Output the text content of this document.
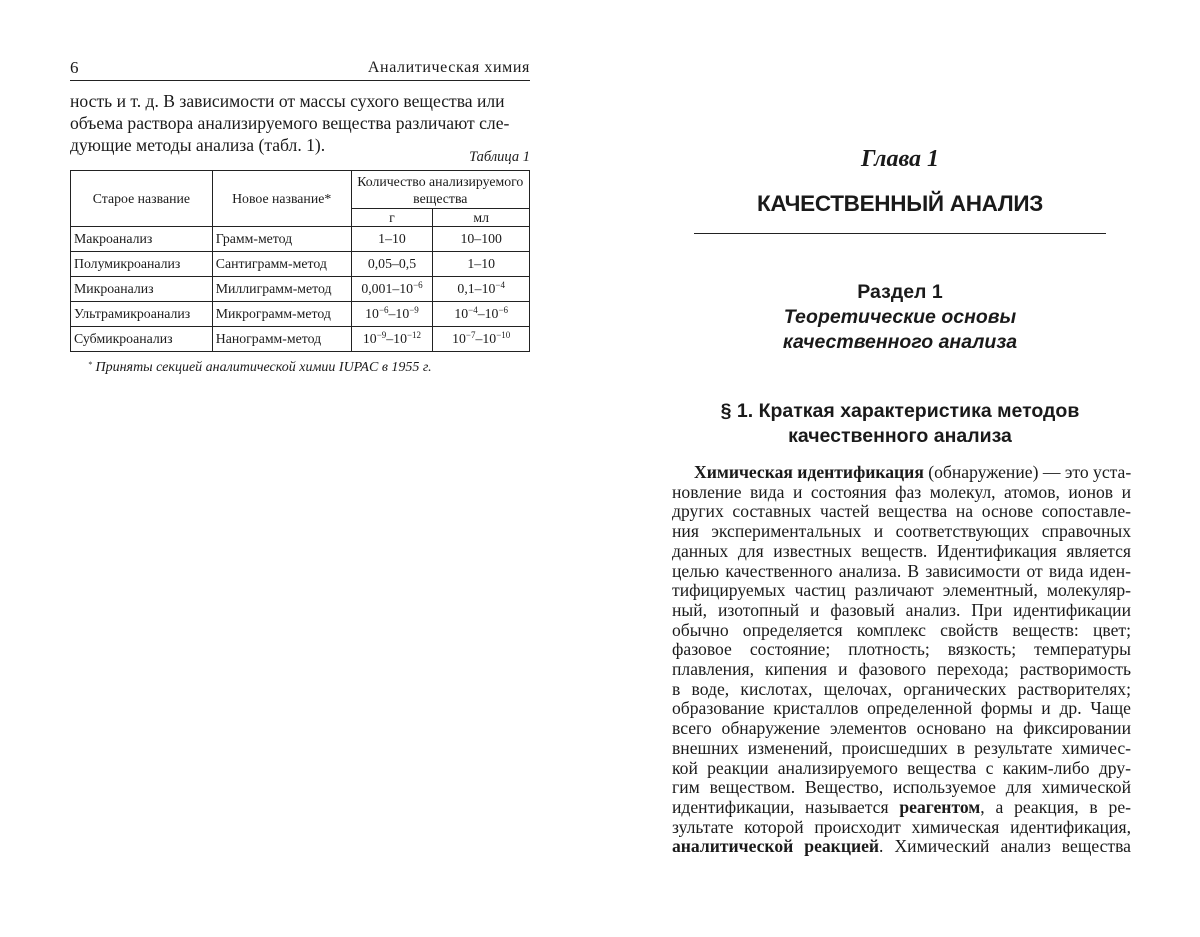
6	Аналитическая химия
ность и т. д. В зависимости от массы сухого вещества или
объема раствора анализируемого вещества различают сле-
дующие методы анализа (табл. 1).
Таблица 1
Старое название	Новое название*	Количество анализируемого вещества	
		г	мл
Макроанализ	Грамм-метод	1–10	10–100
Полумикроанализ	Сантиграмм-метод	0,05–0,5	1–10
Микроанализ	Миллиграмм-метод	$0,001-10^{-6}$	$0,1-10^{-4}$
Ультрамикроанализ	Микрограмм-метод	$10^{-6}-10^{-9}$	$10^{-4}-10^{-6}$
Субмикроанализ	Нанограмм-метод	$10^{-9}-10^{-12}$	$10^{-7}-10^{-10}$
* Приняты секцией аналитической химии IUPAC в 1955 г.
Глава 1
КАЧЕСТВЕННЫЙ АНАЛИЗ
Раздел 1
Теоретические основы
качественного анализа
§ 1. Краткая характеристика методов
качественного анализа
Химическая идентификация (обнаружение) — это уста-
новление вида и состояния фаз молекул, атомов, ионов и
других составных частей вещества на основе сопоставле-
ния экспериментальных и соответствующих справочных
данных для известных веществ. Идентификация является
целью качественного анализа. В зависимости от вида иден-
тифицируемых частиц различают элементный, молекуляр-
ный, изотопный и фазовый анализ. При идентификации
обычно определяется комплекс свойств веществ: цвет;
фазовое состояние; плотность; вязкость; температуры
плавления, кипения и фазового перехода; растворимость
в воде, кислотах, щелочах, органических растворителях;
образование кристаллов определенной формы и др. Чаще
всего обнаружение элементов основано на фиксировании
внешних изменений, происшедших в результате химичес-
кой реакции анализируемого вещества с каким-либо дру-
гим веществом. Вещество, используемое для химической
идентификации, называется реагентом, а реакция, в ре-
зультате которой происходит химическая идентификация,
аналитической реакцией. Химический анализ вещества
